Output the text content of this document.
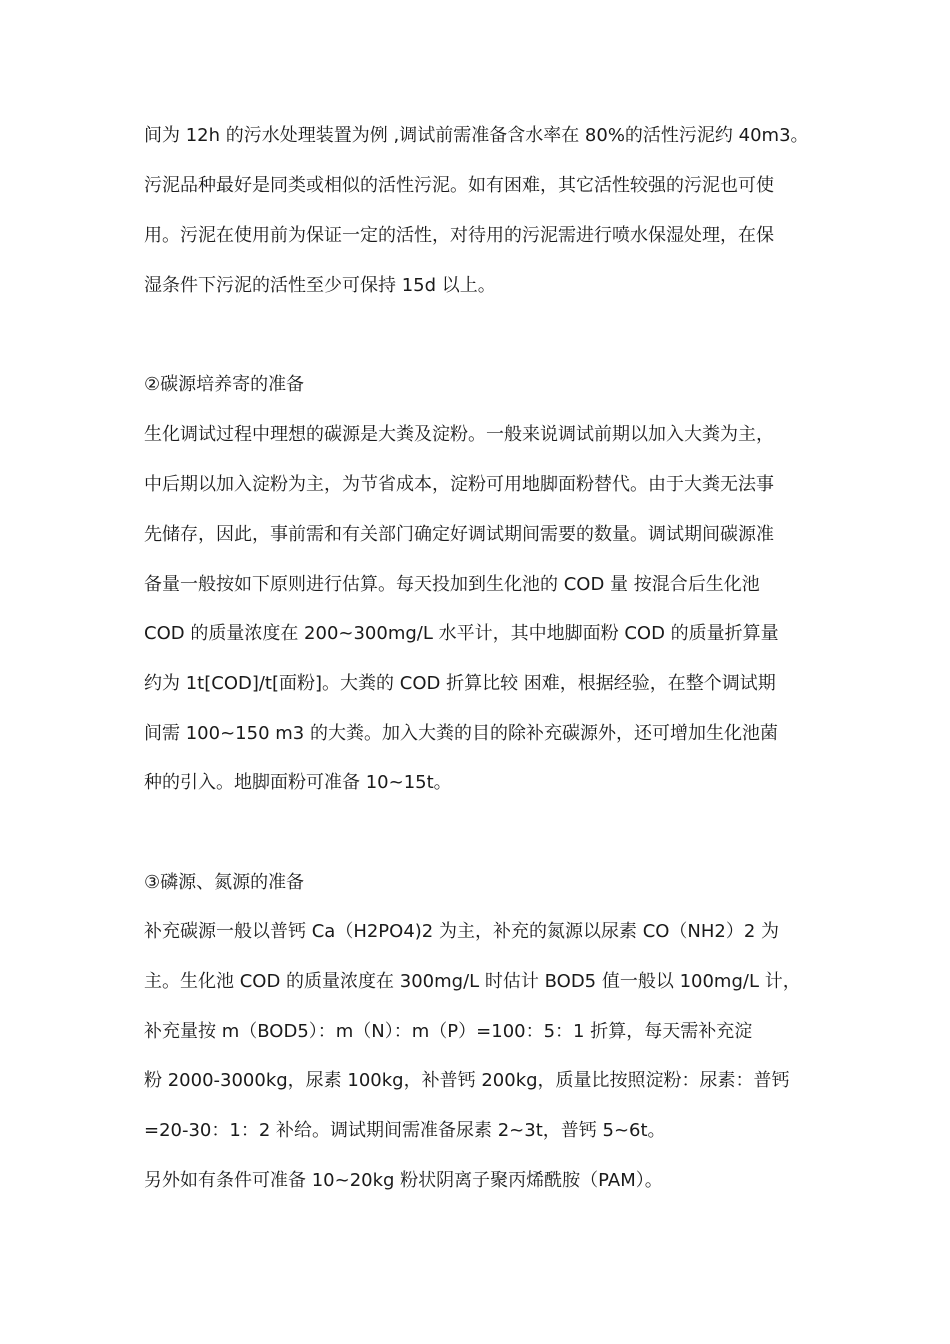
间为 12h 的污水处理装置为例 ,调试前需准备含水率在 80%的活性污泥约 40m3。
污泥品种最好是同类或相似的活性污泥。如有困难，其它活性较强的污泥也可使
用。污泥在使用前为保证一定的活性，对待用的污泥需进行喷水保湿处理，在保
湿条件下污泥的活性至少可保持 15d 以上。
②碳源培养寄的准备
生化调试过程中理想的碳源是大粪及淀粉。一般来说调试前期以加入大粪为主，
中后期以加入淀粉为主，为节省成本，淀粉可用地脚面粉替代。由于大粪无法事
先储存，因此，事前需和有关部门确定好调试期间需要的数量。调试期间碳源准
备量一般按如下原则进行估算。每天投加到生化池的 COD 量 按混合后生化池
COD 的质量浓度在 200~300mg/L 水平计，其中地脚面粉 COD 的质量折算量
约为 1t[COD]/t[面粉]。大粪的 COD 折算比较 困难，根据经验，在整个调试期
间需 100~150 m3 的大粪。加入大粪的目的除补充碳源外，还可增加生化池菌
种的引入。地脚面粉可准备 10~15t。
③磷源、氮源的准备
补充碳源一般以普钙 Ca（H2PO4)2 为主，补充的氮源以尿素 CO（NH2）2 为
主。生化池 COD 的质量浓度在 300mg/L 时估计 BOD5 值一般以 100mg/L 计，
补充量按 m（BOD5）：m（N）：m（P）=100：5：1 折算，每天需补充淀
粉 2000-3000kg，尿素 100kg，补普钙 200kg，质量比按照淀粉：尿素：普钙
=20-30：1：2 补给。调试期间需准备尿素 2~3t，普钙 5~6t。
另外如有条件可准备 10~20kg 粉状阴离子聚丙烯酰胺（PAM）。
